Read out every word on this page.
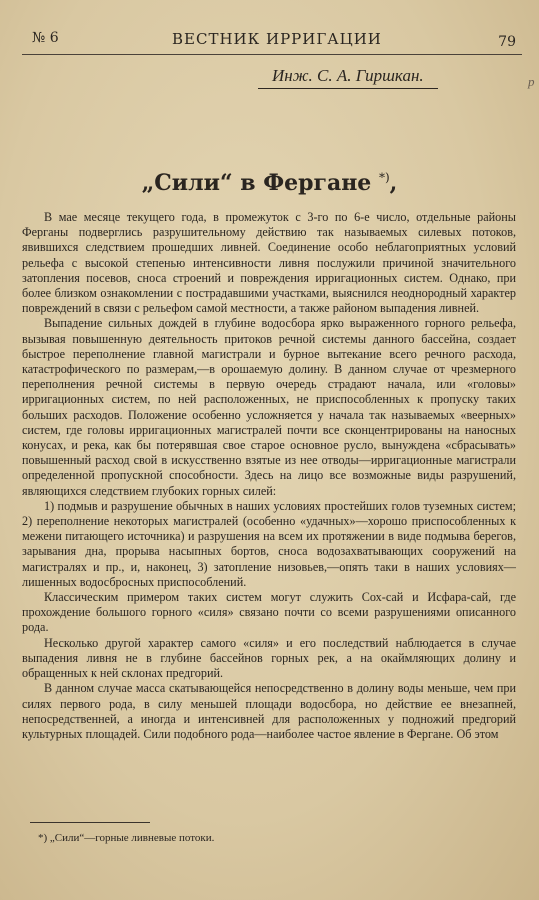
№ 6	ВЕСТНИК ИРРИГАЦИИ	79
р
Инж. С. А. Гиршкан.
„Сили“ в Фергане *),

В мае месяце текущего года, в промежуток с 3-го по 6-е число, отдельные районы Ферганы подверглись разрушительному действию так называемых силевых потоков, явившихся следствием прошедших ливней. Соединение особо неблагоприятных условий рельефа с высокой степенью интенсивности ливня послужили причиной значительного затопления посевов, сноса строений и повреждения ирригационных систем. Однако, при более близком ознакомлении с пострадавшими участками, выяснился неоднородный характер повреждений в связи с рельефом самой местности, а также районом выпадения ливней.

Выпадение сильных дождей в глубине водосбора ярко выраженного горного рельефа, вызывая повышенную деятельность притоков речной системы данного бассейна, создает быстрое переполнение главной магистрали и бурное вытекание всего речного расхода, катастрофического по размерам,—в орошаемую долину. В данном случае от чрезмерного переполнения речной системы в первую очередь страдают начала, или «головы» ирригационных систем, по ней расположенных, не приспособленных к пропуску таких больших расходов. Положение особенно усложняется у начала так называемых «веерных» систем, где головы ирригационных магистралей почти все сконцентрированы на наносных конусах, и река, как бы потерявшая свое старое основное русло, вынуждена «сбрасывать» повышенный расход свой в искусственно взятые из нее отводы—ирригационные магистрали определенной пропускной способности. Здесь на лицо все возможные виды разрушений, являющихся следствием глубоких горных силей:

1) подмыв и разрушение обычных в наших условиях простейших голов туземных систем; 2) переполнение некоторых магистралей (особенно «удачных»—хорошо приспособленных к межени питающего источника) и разрушения на всем их протяжении в виде подмыва берегов, зарывания дна, прорыва насыпных бортов, сноса водозахватывающих сооружений на магистралях и пр., и, наконец, 3) затопление низовьев,—опять таки в наших условиях—лишенных водосбросных приспособлений.

Классическим примером таких систем могут служить Сох-сай и Исфара-сай, где прохождение большого горного «силя» связано почти со всеми разрушениями описанного рода.

Несколько другой характер самого «силя» и его последствий наблюдается в случае выпадения ливня не в глубине бассейнов горных рек, а на окаймляющих долину и обращенных к ней склонах предгорий.

В данном случае масса скатывающейся непосредственно в долину воды меньше, чем при силях первого рода, в силу меньшей площади водосбора, но действие ее внезапней, непосредственней, а иногда и интенсивней для расположенных у подножий предгорий культурных площадей. Сили подобного рода—наиболее частое явление в Фергане. Об этом

*) „Сили“—горные ливневые потоки.
